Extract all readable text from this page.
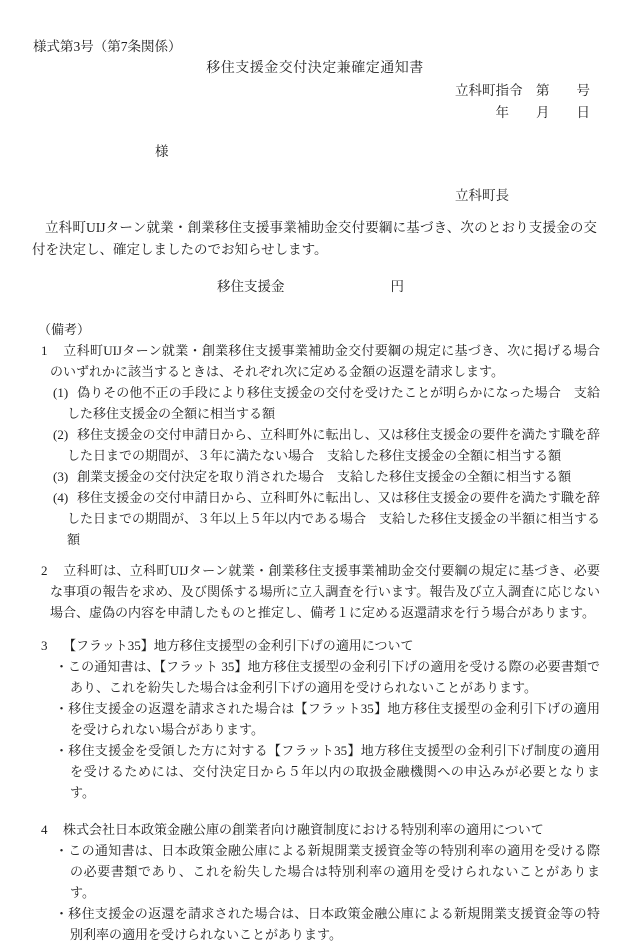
様式第3号（第7条関係）
移住支援金交付決定兼確定通知書
立科町指令　第　　号
年　　月　　日
様
立科町長

立科町UIJターン就業・創業移住支援事業補助金交付要綱に基づき、次のとおり支援金の交付を決定し、確定しましたのでお知らせします。

移住支援金	円
（備考）

1 立科町UIJターン就業・創業移住支援事業補助金交付要綱の規定に基づき、次に掲げる場合のいずれかに該当するときは、それぞれ次に定める金額の返還を請求します。

(1) 偽りその他不正の手段により移住支援金の交付を受けたことが明らかになった場合　支給した移住支援金の全額に相当する額

(2) 移住支援金の交付申請日から、立科町外に転出し、又は移住支援金の要件を満たす職を辞した日までの期間が、３年に満たない場合　支給した移住支援金の全額に相当する額

(3) 創業支援金の交付決定を取り消された場合　支給した移住支援金の全額に相当する額

(4) 移住支援金の交付申請日から、立科町外に転出し、又は移住支援金の要件を満たす職を辞した日までの期間が、３年以上５年以内である場合　支給した移住支援金の半額に相当する額

2 立科町は、立科町UIJターン就業・創業移住支援事業補助金交付要綱の規定に基づき、必要な事項の報告を求め、及び関係する場所に立入調査を行います。報告及び立入調査に応じない場合、虚偽の内容を申請したものと推定し、備考１に定める返還請求を行う場合があります。

3 【フラット35】地方移住支援型の金利引下げの適用について

・この通知書は、【フラット 35】地方移住支援型の金利引下げの適用を受ける際の必要書類であり、これを紛失した場合は金利引下げの適用を受けられないことがあります。

・移住支援金の返還を請求された場合は【フラット35】地方移住支援型の金利引下げの適用を受けられない場合があります。

・移住支援金を受領した方に対する【フラット35】地方移住支援型の金利引下げ制度の適用を受けるためには、交付決定日から５年以内の取扱金融機関への申込みが必要となります。

4 株式会社日本政策金融公庫の創業者向け融資制度における特別利率の適用について

・この通知書は、日本政策金融公庫による新規開業支援資金等の特別利率の適用を受ける際の必要書類であり、これを紛失した場合は特別利率の適用を受けられないことがあります。

・移住支援金の返還を請求された場合は、日本政策金融公庫による新規開業支援資金等の特別利率の適用を受けられないことがあります。
